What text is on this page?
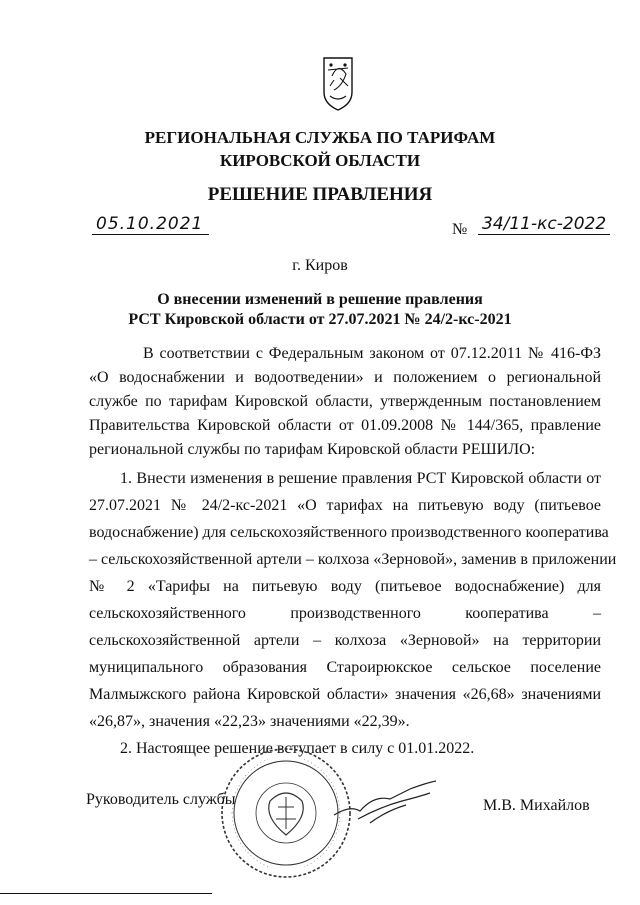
РЕГИОНАЛЬНАЯ СЛУЖБА ПО ТАРИФАМ
КИРОВСКОЙ ОБЛАСТИ
РЕШЕНИЕ ПРАВЛЕНИЯ
05.10.2021	№ 34/11-кс-2022
г. Киров
О внесении изменений в решение правления
РСТ Кировской области от 27.07.2021 № 24/2-кс-2021
В соответствии с Федеральным законом от 07.12.2011 № 416-ФЗ «О водоснабжении и водоотведении» и положением о региональной службе по тарифам Кировской области, утвержденным постановлением Правительства Кировской области от 01.09.2008 № 144/365, правление региональной службы по тарифам Кировской области РЕШИЛО:
1. Внести изменения в решение правления РСТ Кировской области от
27.07.2021 № 24/2-кс-2021 «О тарифах на питьевую воду (питьевое
водоснабжение) для сельскохозяйственного производственного кооператива
– сельскохозяйственной артели – колхоза «Зерновой», заменив в приложении
№ 2 «Тарифы на питьевую воду (питьевое водоснабжение) для
сельскохозяйственного производственного кооператива –
сельскохозяйственной артели – колхоза «Зерновой» на территории
муниципального образования Староирюкское сельское поселение
Малмыжского района Кировской области» значения «26,68» значениями
«26,87», значения «22,23» значениями «22,39».
2. Настоящее решение вступает в силу с 01.01.2022.
Руководитель службы	М.В. Михайлов
